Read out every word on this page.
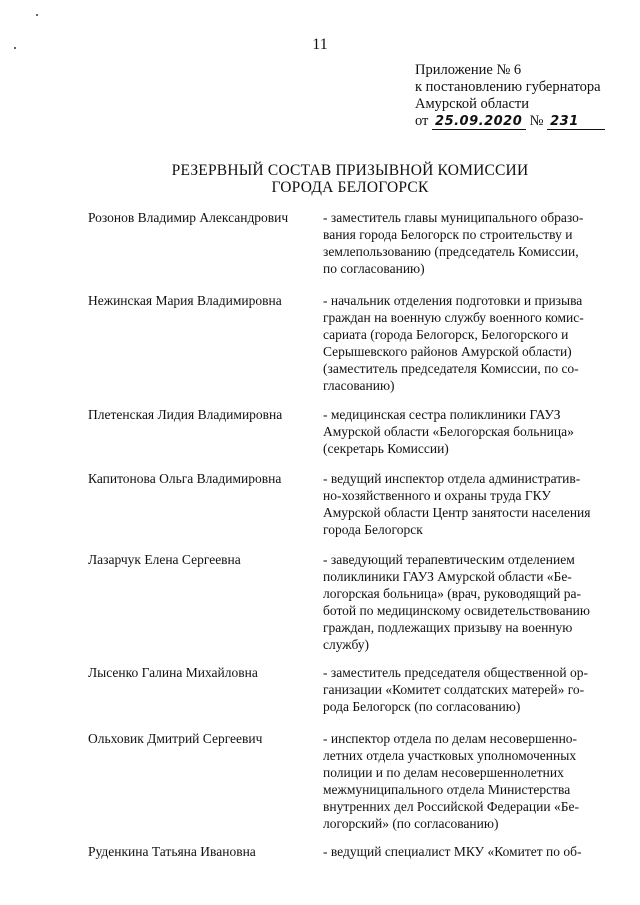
11
Приложение № 6
к постановлению губернатора
Амурской области
от 25.09.2020 № 231
РЕЗЕРВНЫЙ СОСТАВ ПРИЗЫВНОЙ КОМИССИИ
ГОРОДА БЕЛОГОРСК
Розонов Владимир Александрович	- заместитель главы муниципального образо-
вания города Белогорск по строительству и
землепользованию (председатель Комиссии,
по согласованию)
Нежинская Мария Владимировна	- начальник отделения подготовки и призыва
граждан на военную службу военного комис-
сариата (города Белогорск, Белогорского и
Серышевского районов Амурской области)
(заместитель председателя Комиссии, по со-
гласованию)
Плетенская Лидия Владимировна	- медицинская сестра поликлиники ГАУЗ
Амурской области «Белогорская больница»
(секретарь Комиссии)
Капитонова Ольга Владимировна	- ведущий инспектор отдела административ-
но-хозяйственного и охраны труда ГКУ
Амурской области Центр занятости населения
города Белогорск
Лазарчук Елена Сергеевна	- заведующий терапевтическим отделением
поликлиники ГАУЗ Амурской области «Бе-
логорская больница» (врач, руководящий ра-
ботой по медицинскому освидетельствованию
граждан, подлежащих призыву на военную
службу)
Лысенко Галина Михайловна	- заместитель председателя общественной ор-
ганизации «Комитет солдатских матерей» го-
рода Белогорск (по согласованию)
Ольховик Дмитрий Сергеевич	- инспектор отдела по делам несовершенно-
летних отдела участковых уполномоченных
полиции и по делам несовершеннолетних
межмуниципального отдела Министерства
внутренних дел Российской Федерации «Бе-
логорский» (по согласованию)
Руденкина Татьяна Ивановна	- ведущий специалист МКУ «Комитет по об-
